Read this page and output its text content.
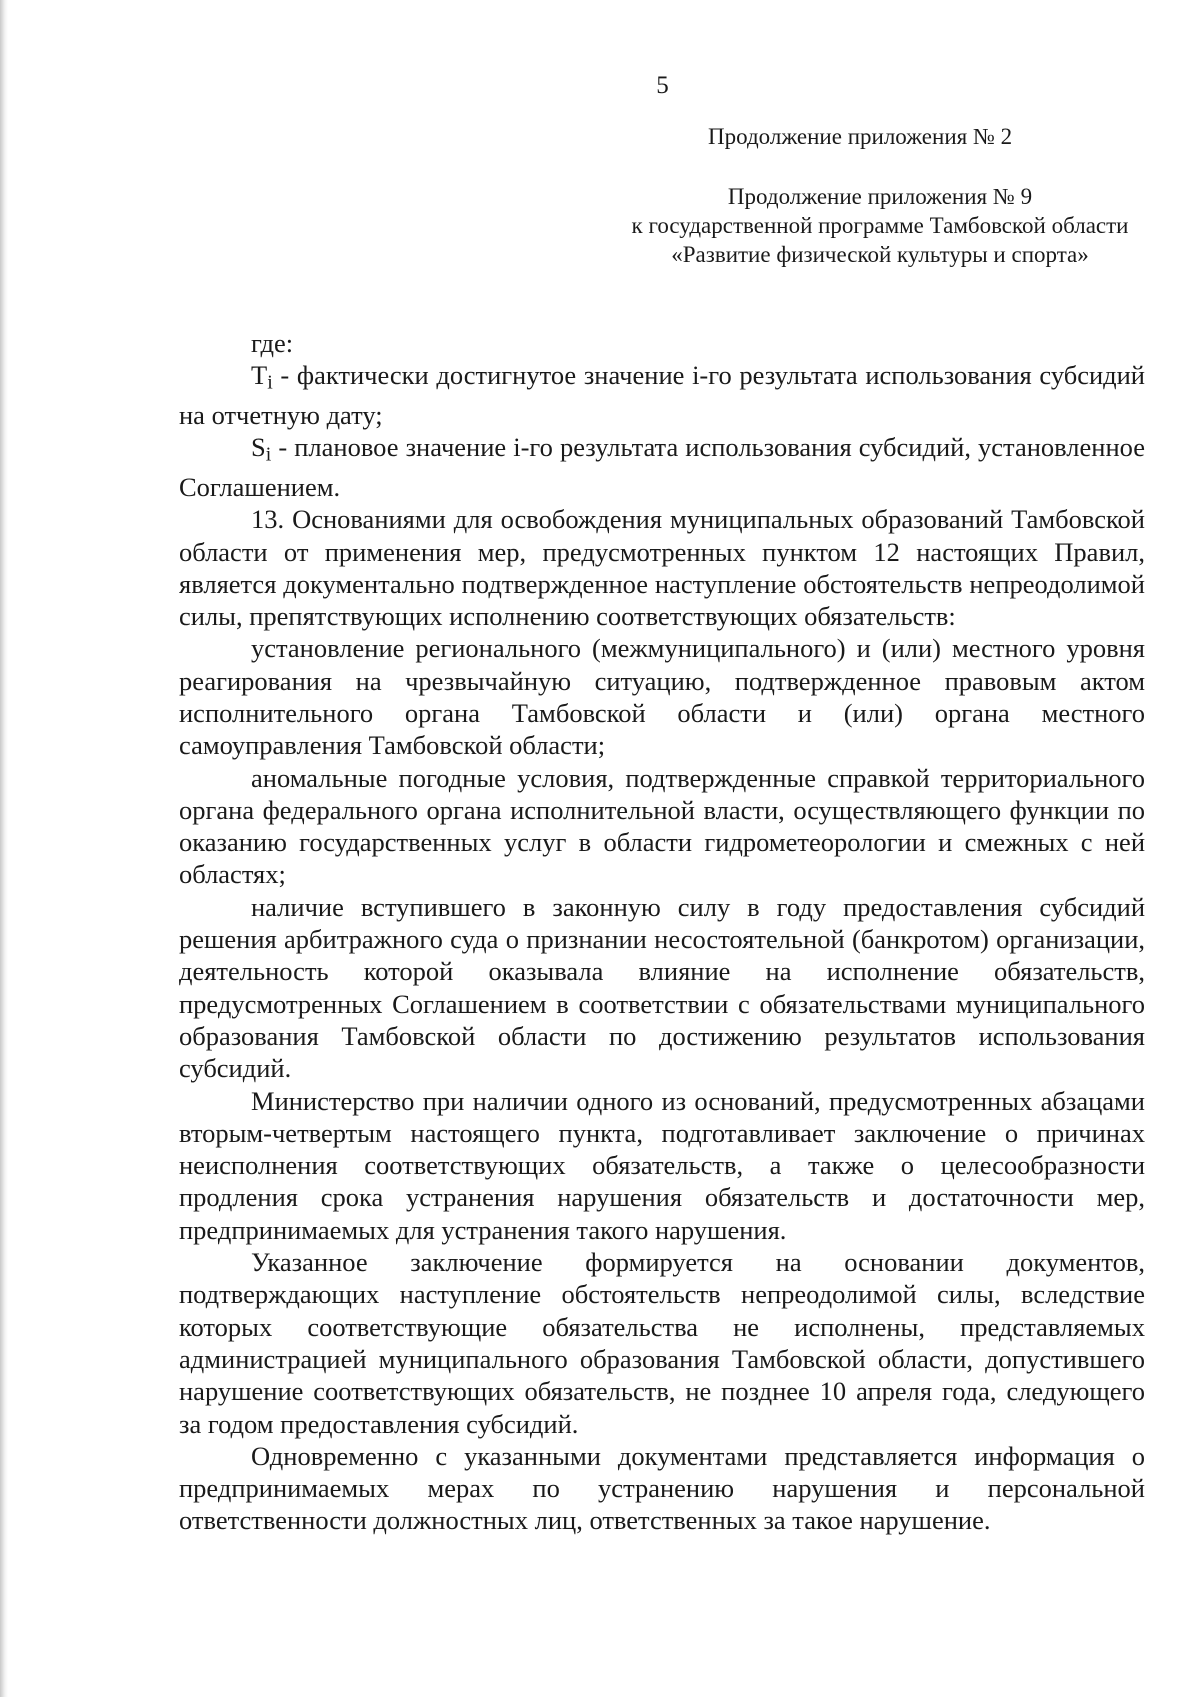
5
Продолжение приложения № 2
Продолжение приложения № 9
к государственной программе Тамбовской области
«Развитие физической культуры и спорта»

где:

$T_i$ - фактически достигнутое значение i-го результата использования субсидий на отчетную дату;

$S_i$ - плановое значение i-го результата использования субсидий, установленное Соглашением.

13. Основаниями для освобождения муниципальных образований Тамбовской области от применения мер, предусмотренных пунктом 12 настоящих Правил, является документально подтвержденное наступление обстоятельств непреодолимой силы, препятствующих исполнению соответствующих обязательств:

установление регионального (межмуниципального) и (или) местного уровня реагирования на чрезвычайную ситуацию, подтвержденное правовым актом исполнительного органа Тамбовской области и (или) органа местного самоуправления Тамбовской области;

аномальные погодные условия, подтвержденные справкой территориального органа федерального органа исполнительной власти, осуществляющего функции по оказанию государственных услуг в области гидрометеорологии и смежных с ней областях;

наличие вступившего в законную силу в году предоставления субсидий решения арбитражного суда о признании несостоятельной (банкротом) организации, деятельность которой оказывала влияние на исполнение обязательств, предусмотренных Соглашением в соответствии с обязательствами муниципального образования Тамбовской области по достижению результатов использования субсидий.

Министерство при наличии одного из оснований, предусмотренных абзацами вторым-четвертым настоящего пункта, подготавливает заключение о причинах неисполнения соответствующих обязательств, а также о целесообразности продления срока устранения нарушения обязательств и достаточности мер, предпринимаемых для устранения такого нарушения.

Указанное заключение формируется на основании документов, подтверждающих наступление обстоятельств непреодолимой силы, вследствие которых соответствующие обязательства не исполнены, представляемых администрацией муниципального образования Тамбовской области, допустившего нарушение соответствующих обязательств, не позднее 10 апреля года, следующего за годом предоставления субсидий.

Одновременно с указанными документами представляется информация о предпринимаемых мерах по устранению нарушения и персональной ответственности должностных лиц, ответственных за такое нарушение.
